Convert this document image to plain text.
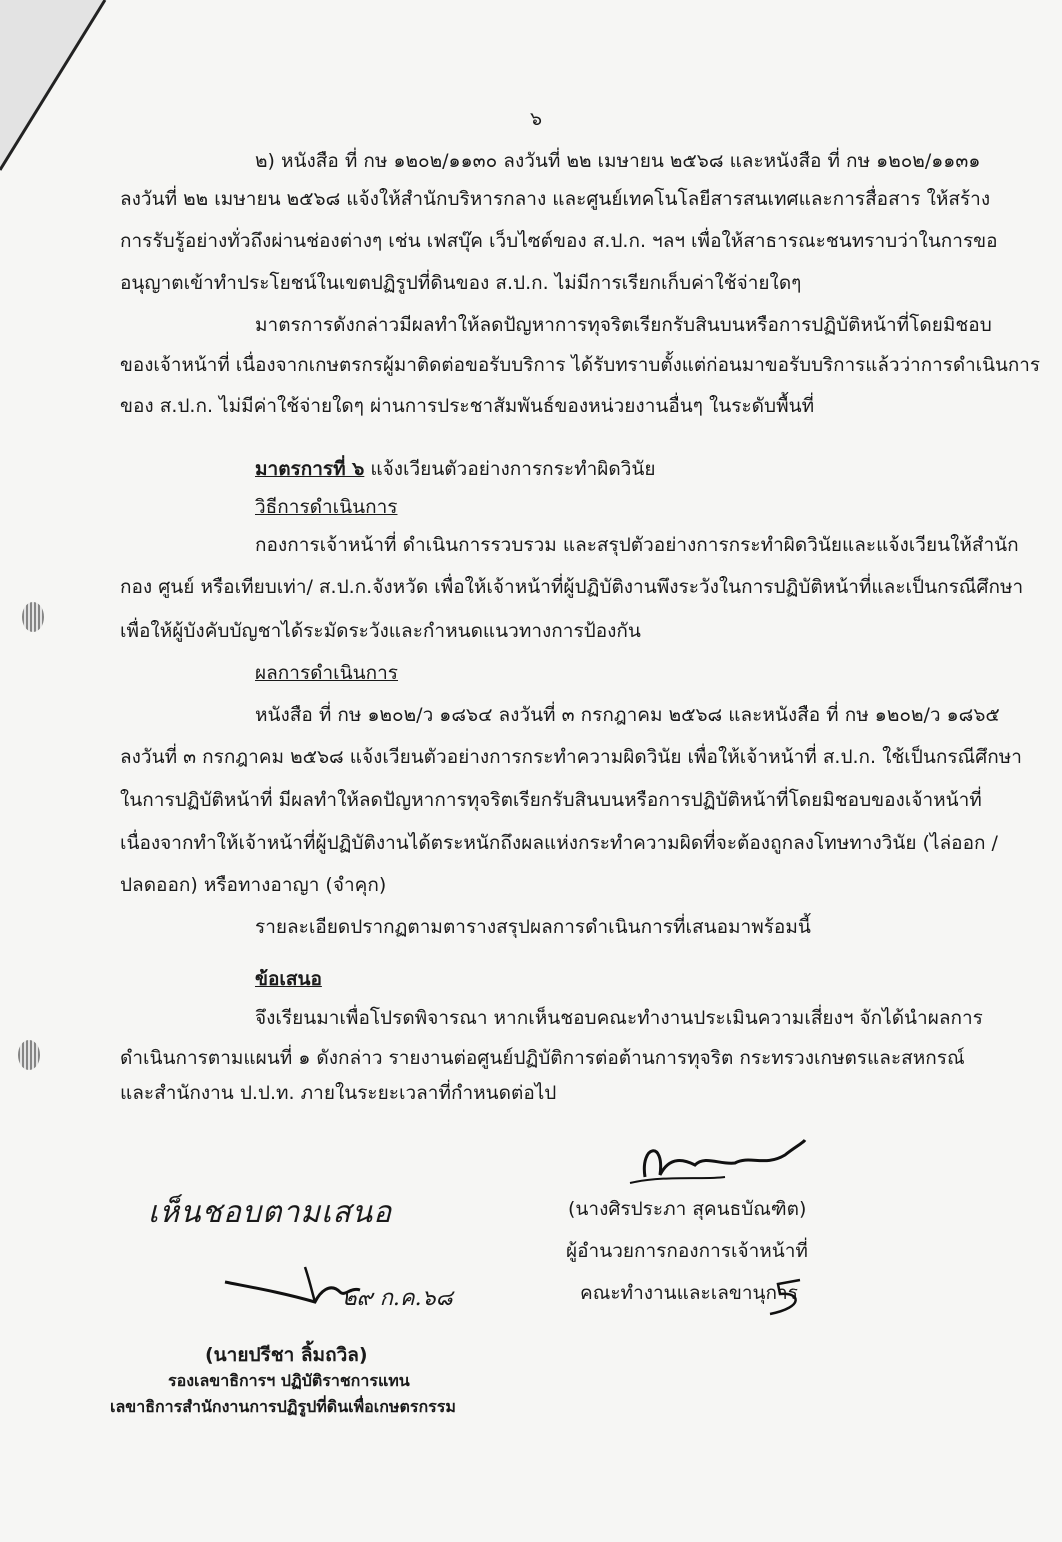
๖
๒) หนังสือ ที่ กษ ๑๒๐๒/๑๑๓๐ ลงวันที่ ๒๒ เมษายน ๒๕๖๘ และหนังสือ ที่ กษ ๑๒๐๒/๑๑๓๑
ลงวันที่ ๒๒ เมษายน ๒๕๖๘ แจ้งให้สำนักบริหารกลาง และศูนย์เทคโนโลยีสารสนเทศและการสื่อสาร ให้สร้าง
การรับรู้อย่างทั่วถึงผ่านช่องต่างๆ เช่น เฟสบุ๊ค เว็บไซต์ของ ส.ป.ก. ฯลฯ เพื่อให้สาธารณะชนทราบว่าในการขอ
อนุญาตเข้าทำประโยชน์ในเขตปฏิรูปที่ดินของ ส.ป.ก. ไม่มีการเรียกเก็บค่าใช้จ่ายใดๆ
มาตรการดังกล่าวมีผลทำให้ลดปัญหาการทุจริตเรียกรับสินบนหรือการปฏิบัติหน้าที่โดยมิชอบ
ของเจ้าหน้าที่ เนื่องจากเกษตรกรผู้มาติดต่อขอรับบริการ ได้รับทราบตั้งแต่ก่อนมาขอรับบริการแล้วว่าการดำเนินการ
ของ ส.ป.ก. ไม่มีค่าใช้จ่ายใดๆ ผ่านการประชาสัมพันธ์ของหน่วยงานอื่นๆ ในระดับพื้นที่
มาตรการที่ ๖ แจ้งเวียนตัวอย่างการกระทำผิดวินัย
วิธีการดำเนินการ
กองการเจ้าหน้าที่ ดำเนินการรวบรวม และสรุปตัวอย่างการกระทำผิดวินัยและแจ้งเวียนให้สำนัก
กอง ศูนย์ หรือเทียบเท่า/ ส.ป.ก.จังหวัด เพื่อให้เจ้าหน้าที่ผู้ปฏิบัติงานพึงระวังในการปฏิบัติหน้าที่และเป็นกรณีศึกษา
เพื่อให้ผู้บังคับบัญชาได้ระมัดระวังและกำหนดแนวทางการป้องกัน
ผลการดำเนินการ
หนังสือ ที่ กษ ๑๒๐๒/ว ๑๘๖๔ ลงวันที่ ๓ กรกฎาคม ๒๕๖๘ และหนังสือ ที่ กษ ๑๒๐๒/ว ๑๘๖๕
ลงวันที่ ๓ กรกฎาคม ๒๕๖๘ แจ้งเวียนตัวอย่างการกระทำความผิดวินัย เพื่อให้เจ้าหน้าที่ ส.ป.ก. ใช้เป็นกรณีศึกษา
ในการปฏิบัติหน้าที่ มีผลทำให้ลดปัญหาการทุจริตเรียกรับสินบนหรือการปฏิบัติหน้าที่โดยมิชอบของเจ้าหน้าที่
เนื่องจากทำให้เจ้าหน้าที่ผู้ปฏิบัติงานได้ตระหนักถึงผลแห่งกระทำความผิดที่จะต้องถูกลงโทษทางวินัย (ไล่ออก /
ปลดออก) หรือทางอาญา (จำคุก)
รายละเอียดปรากฏตามตารางสรุปผลการดำเนินการที่เสนอมาพร้อมนี้
ข้อเสนอ
จึงเรียนมาเพื่อโปรดพิจารณา หากเห็นชอบคณะทำงานประเมินความเสี่ยงฯ จักได้นำผลการ
ดำเนินการตามแผนที่ ๑ ดังกล่าว รายงานต่อศูนย์ปฏิบัติการต่อต้านการทุจริต กระทรวงเกษตรและสหกรณ์
และสำนักงาน ป.ป.ท. ภายในระยะเวลาที่กำหนดต่อไป
(นางศิรประภา สุคนธบัณฑิต)
ผู้อำนวยการกองการเจ้าหน้าที่
คณะทำงานและเลขานุการ
เห็นชอบตามเสนอ
๒๙ ก.ค.๖๘
(นายปรีชา ลิ้มถวิล)
รองเลขาธิการฯ ปฏิบัติราชการแทน
เลขาธิการสำนักงานการปฏิรูปที่ดินเพื่อเกษตรกรรม
